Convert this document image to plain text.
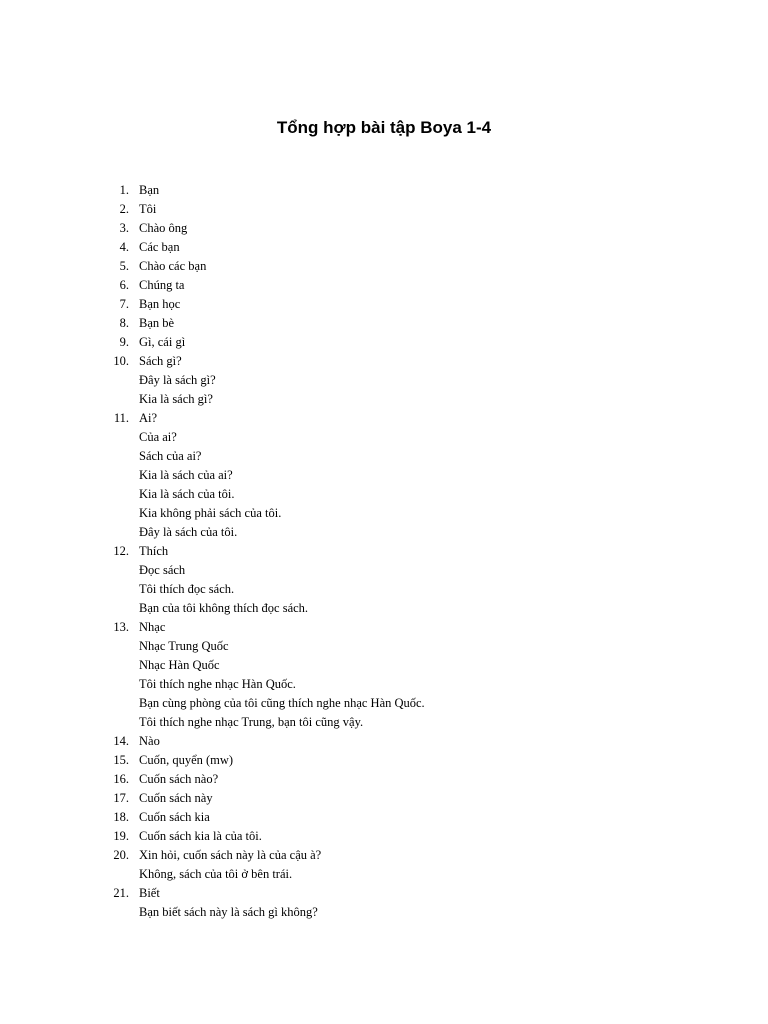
Tổng hợp bài tập Boya 1-4
1. Bạn
2. Tôi
3. Chào ông
4. Các bạn
5. Chào các bạn
6. Chúng ta
7. Bạn học
8. Bạn bè
9. Gì, cái gì
10. Sách gì?
Đây là sách gì?
Kia là sách gì?
11. Ai?
Của ai?
Sách của ai?
Kia là sách của ai?
Kia là sách của tôi.
Kia không phải sách của tôi.
Đây là sách của tôi.
12. Thích
Đọc sách
Tôi thích đọc sách.
Bạn của tôi không thích đọc sách.
13. Nhạc
Nhạc Trung Quốc
Nhạc Hàn Quốc
Tôi thích nghe nhạc Hàn Quốc.
Bạn cùng phòng của tôi cũng thích nghe nhạc Hàn Quốc.
Tôi thích nghe nhạc Trung, bạn tôi cũng vậy.
14. Nào
15. Cuốn, quyển (mw)
16. Cuốn sách nào?
17. Cuốn sách này
18. Cuốn sách kia
19. Cuốn sách kia là của tôi.
20. Xin hỏi, cuốn sách này là của cậu à?
Không, sách của tôi ở bên trái.
21. Biết
Bạn biết sách này là sách gì không?
